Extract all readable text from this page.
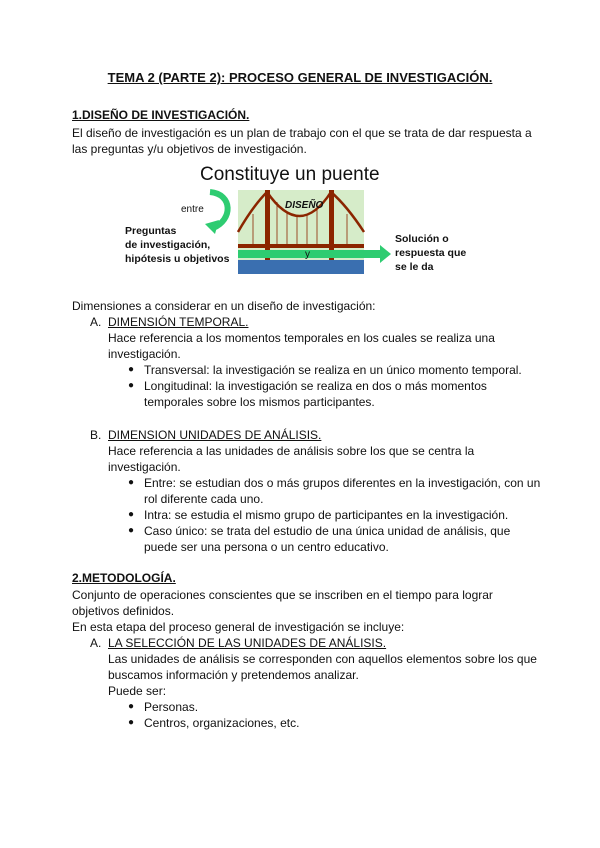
TEMA 2 (PARTE 2): PROCESO GENERAL DE INVESTIGACIÓN.
1.DISEÑO DE INVESTIGACIÓN.

El diseño de investigación es un plan de trabajo con el que se trata de dar respuesta a las preguntas y/u objetivos de investigación.

Constituye un puente
entre
Preguntas de investigación, hipótesis u objetivos
DISEÑO
y
Solución o respuesta que se le da

Dimensiones a considerar en un diseño de investigación:

A. DIMENSIÓN TEMPORAL.

Hace referencia a los momentos temporales en los cuales se realiza una investigación.

● Transversal: la investigación se realiza en un único momento temporal.
● Longitudinal: la investigación se realiza en dos o más momentos temporales sobre los mismos participantes.

B. DIMENSION UNIDADES DE ANÁLISIS.

Hace referencia a las unidades de análisis sobre los que se centra la investigación.

● Entre: se estudian dos o más grupos diferentes en la investigación, con un rol diferente cada uno.
● Intra: se estudia el mismo grupo de participantes en la investigación.
● Caso único: se trata del estudio de una única unidad de análisis, que puede ser una persona o un centro educativo.
2.METODOLOGÍA.

Conjunto de operaciones conscientes que se inscriben en el tiempo para lograr objetivos definidos.

En esta etapa del proceso general de investigación se incluye:

A. LA SELECCIÓN DE LAS UNIDADES DE ANÁLISIS.

Las unidades de análisis se corresponden con aquellos elementos sobre los que buscamos información y pretendemos analizar.

Puede ser:

● Personas.
● Centros, organizaciones, etc.
